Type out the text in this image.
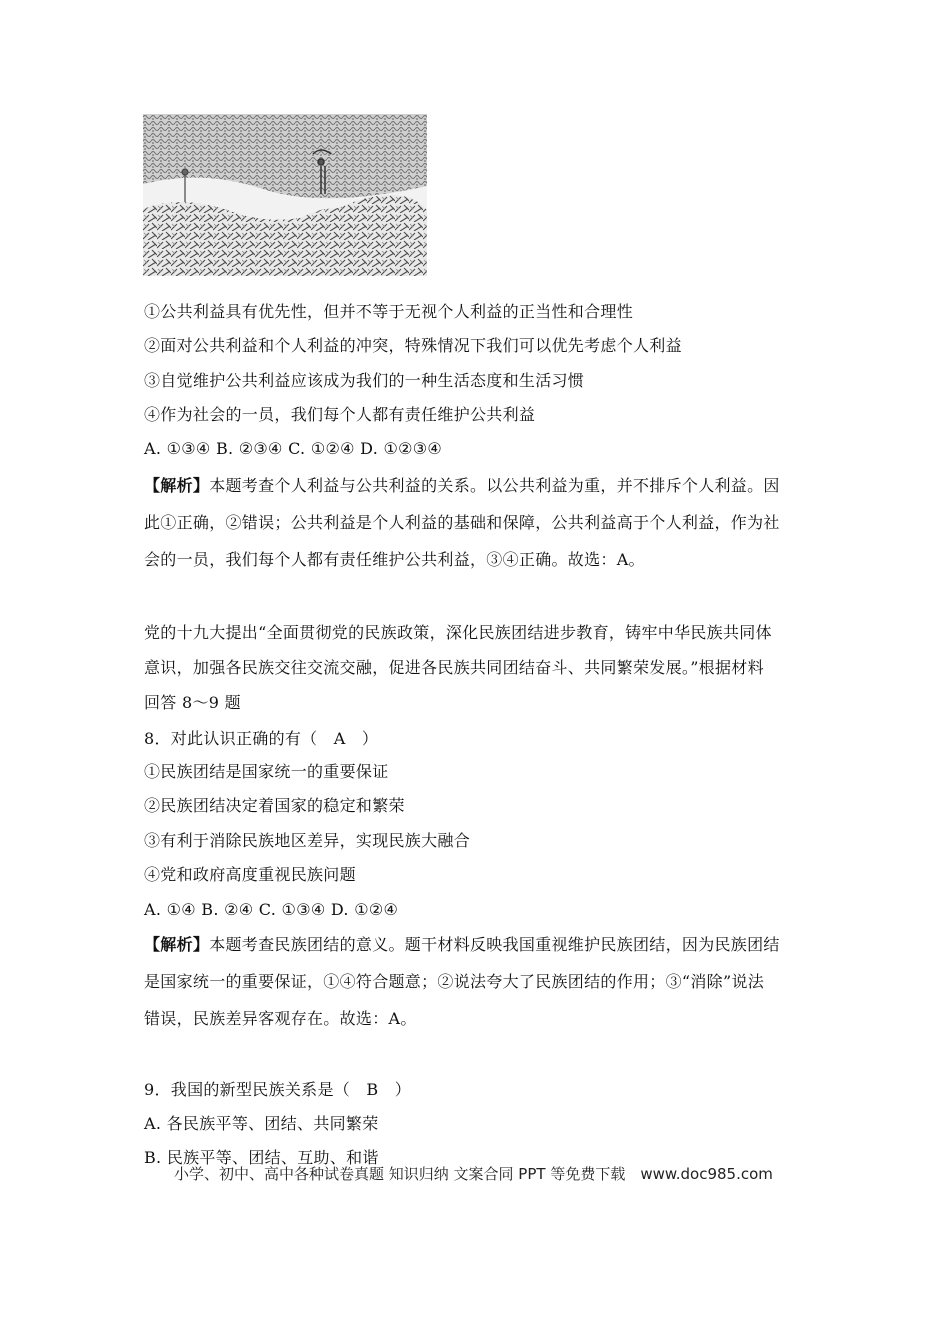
①公共利益具有优先性，但并不等于无视个人利益的正当性和合理性
②面对公共利益和个人利益的冲突，特殊情况下我们可以优先考虑个人利益
③自觉维护公共利益应该成为我们的一种生活态度和生活习惯
④作为社会的一员，我们每个人都有责任维护公共利益
A. ①③④ B. ②③④ C. ①②④ D. ①②③④
【解析】本题考查个人利益与公共利益的关系。以公共利益为重，并不排斥个人利益。因
此①正确，②错误；公共利益是个人利益的基础和保障，公共利益高于个人利益，作为社
会的一员，我们每个人都有责任维护公共利益，③④正确。故选：A。
党的十九大提出“全面贯彻党的民族政策，深化民族团结进步教育，铸牢中华民族共同体
意识，加强各民族交往交流交融，促进各民族共同团结奋斗、共同繁荣发展。”根据材料
回答 8～9 题
8．对此认识正确的有（　A　）
①民族团结是国家统一的重要保证
②民族团结决定着国家的稳定和繁荣
③有利于消除民族地区差异，实现民族大融合
④党和政府高度重视民族问题
A. ①④ B. ②④ C. ①③④ D. ①②④
【解析】本题考查民族团结的意义。题干材料反映我国重视维护民族团结，因为民族团结
是国家统一的重要保证，①④符合题意；②说法夸大了民族团结的作用；③“消除”说法
错误，民族差异客观存在。故选：A。
9．我国的新型民族关系是（　B　）
A. 各民族平等、团结、共同繁荣
B. 民族平等、团结、互助、和谐
小学、初中、高中各种试卷真题 知识归纳 文案合同 PPT 等免费下载　www.doc985.com
